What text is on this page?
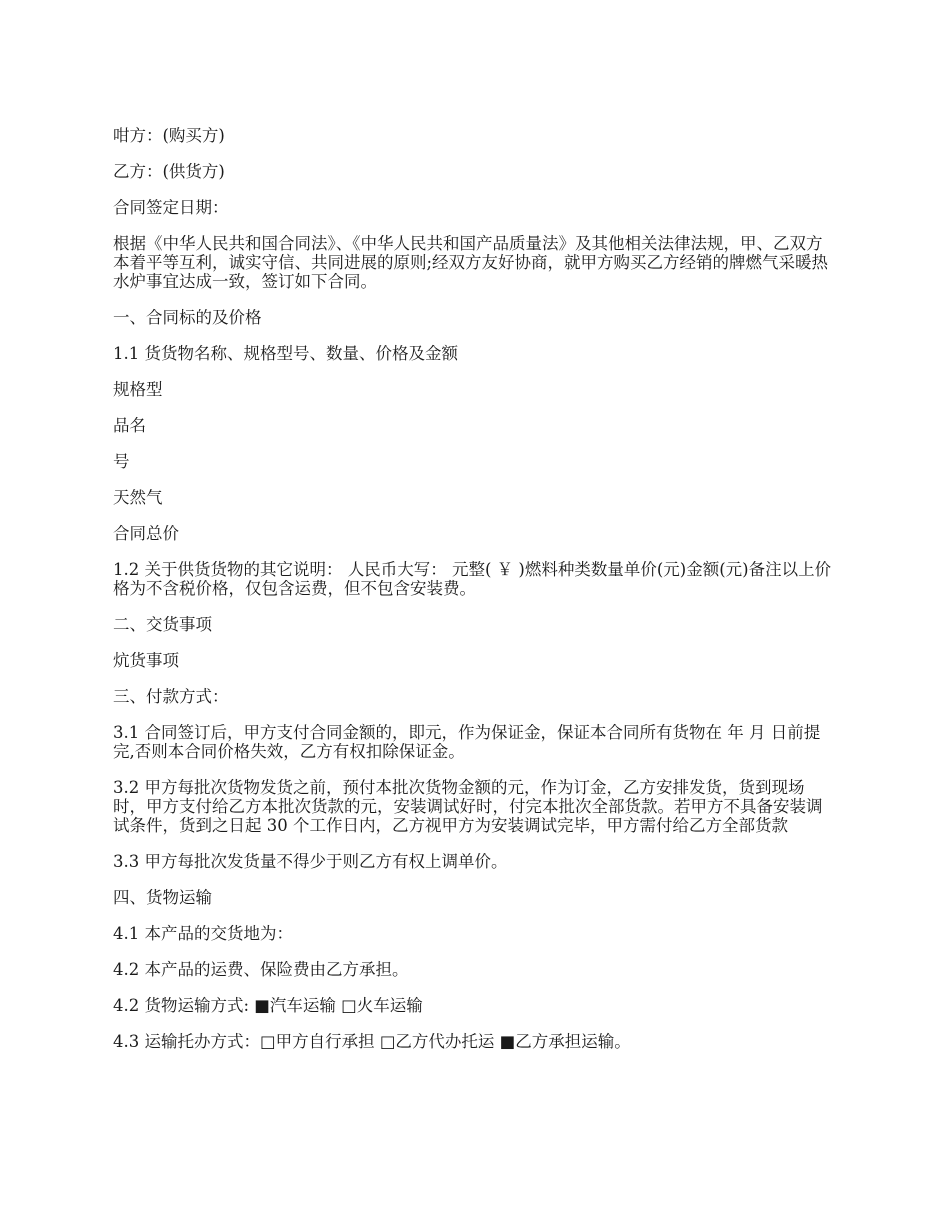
咁方：(购买方)

乙方：(供货方)

合同签定日期：

根据《中华人民共和国合同法》、《中华人民共和国产品质量法》及其他相关法律法规，甲、乙双方本着平等互利，诚实守信、共同进展的原则;经双方友好协商，就甲方购买乙方经销的牌燃气采暖热水炉事宜达成一致，签订如下合同。

一、合同标的及价格

1.1 货货物名称、规格型号、数量、价格及金额

规格型

品名

号

天然气

合同总价

1.2 关于供货货物的其它说明： 人民币大写： 元整( ￥ )燃料种类数量单价(元)金额(元)备注以上价格为不含税价格，仅包含运费，但不包含安装费。

二、交货事项

炕货事项

三、付款方式：

3.1 合同签订后，甲方支付合同金额的，即元，作为保证金，保证本合同所有货物在 年 月 日前提完,否则本合同价格失效，乙方有权扣除保证金。

3.2 甲方每批次货物发货之前，预付本批次货物金额的元，作为订金，乙方安排发货，货到现场时，甲方支付给乙方本批次货款的元，安装调试好时，付完本批次全部货款。若甲方不具备安装调试条件，货到之日起 30 个工作日内，乙方视甲方为安装调试完毕，甲方需付给乙方全部货款

3.3 甲方每批次发货量不得少于则乙方有权上调单价。

四、货物运输

4.1 本产品的交货地为：

4.2 本产品的运费、保险费由乙方承担。

4.2 货物运输方式: ■汽车运输 □火车运输

4.3 运输托办方式：□甲方自行承担 □乙方代办托运 ■乙方承担运输。
